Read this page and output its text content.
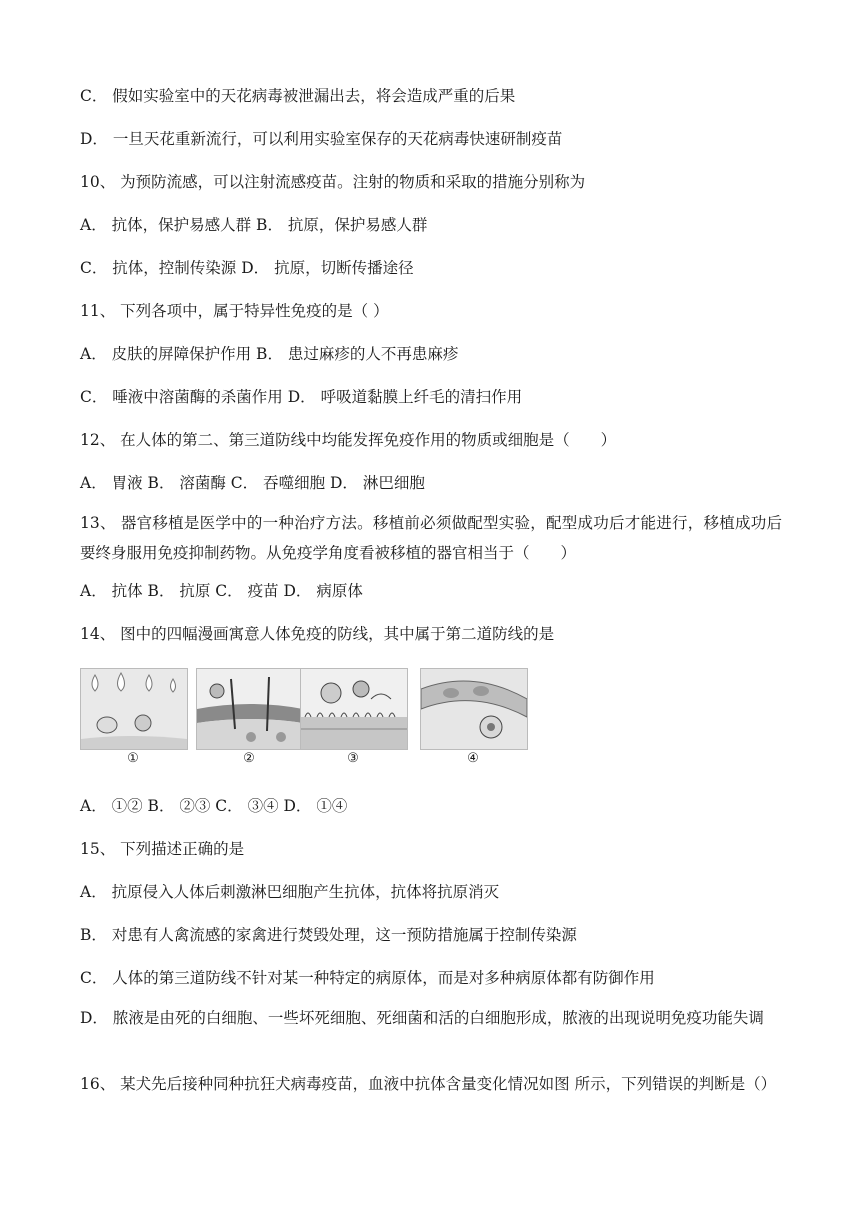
C． 假如实验室中的天花病毒被泄漏出去，将会造成严重的后果
D． 一旦天花重新流行，可以利用实验室保存的天花病毒快速研制疫苗
10、 为预防流感，可以注射流感疫苗。注射的物质和采取的措施分别称为
A． 抗体，保护易感人群 B． 抗原，保护易感人群
C． 抗体，控制传染源 D． 抗原，切断传播途径
11、 下列各项中，属于特异性免疫的是（ ）
A． 皮肤的屏障保护作用 B． 患过麻疹的人不再患麻疹
C． 唾液中溶菌酶的杀菌作用 D． 呼吸道黏膜上纤毛的清扫作用
12、 在人体的第二、第三道防线中均能发挥免疫作用的物质或细胞是（　　）
A． 胃液 B． 溶菌酶 C． 吞噬细胞 D． 淋巴细胞
13、 器官移植是医学中的一种治疗方法。移植前必须做配型实验，配型成功后才能进行，移植成功后要终身服用免疫抑制药物。从免疫学角度看被移植的器官相当于（　　）
A． 抗体 B． 抗原 C． 疫苗 D． 病原体
14、 图中的四幅漫画寓意人体免疫的防线，其中属于第二道防线的是
①	②	③	④
A． ①② B． ②③ C． ③④ D． ①④
15、 下列描述正确的是
A． 抗原侵入人体后刺激淋巴细胞产生抗体，抗体将抗原消灭
B． 对患有人禽流感的家禽进行焚毁处理，这一预防措施属于控制传染源
C． 人体的第三道防线不针对某一种特定的病原体，而是对多种病原体都有防御作用
D． 脓液是由死的白细胞、一些坏死细胞、死细菌和活的白细胞形成，脓液的出现说明免疫功能失调
16、 某犬先后接种同种抗狂犬病毒疫苗，血液中抗体含量变化情况如图 所示，下列错误的判断是（）
